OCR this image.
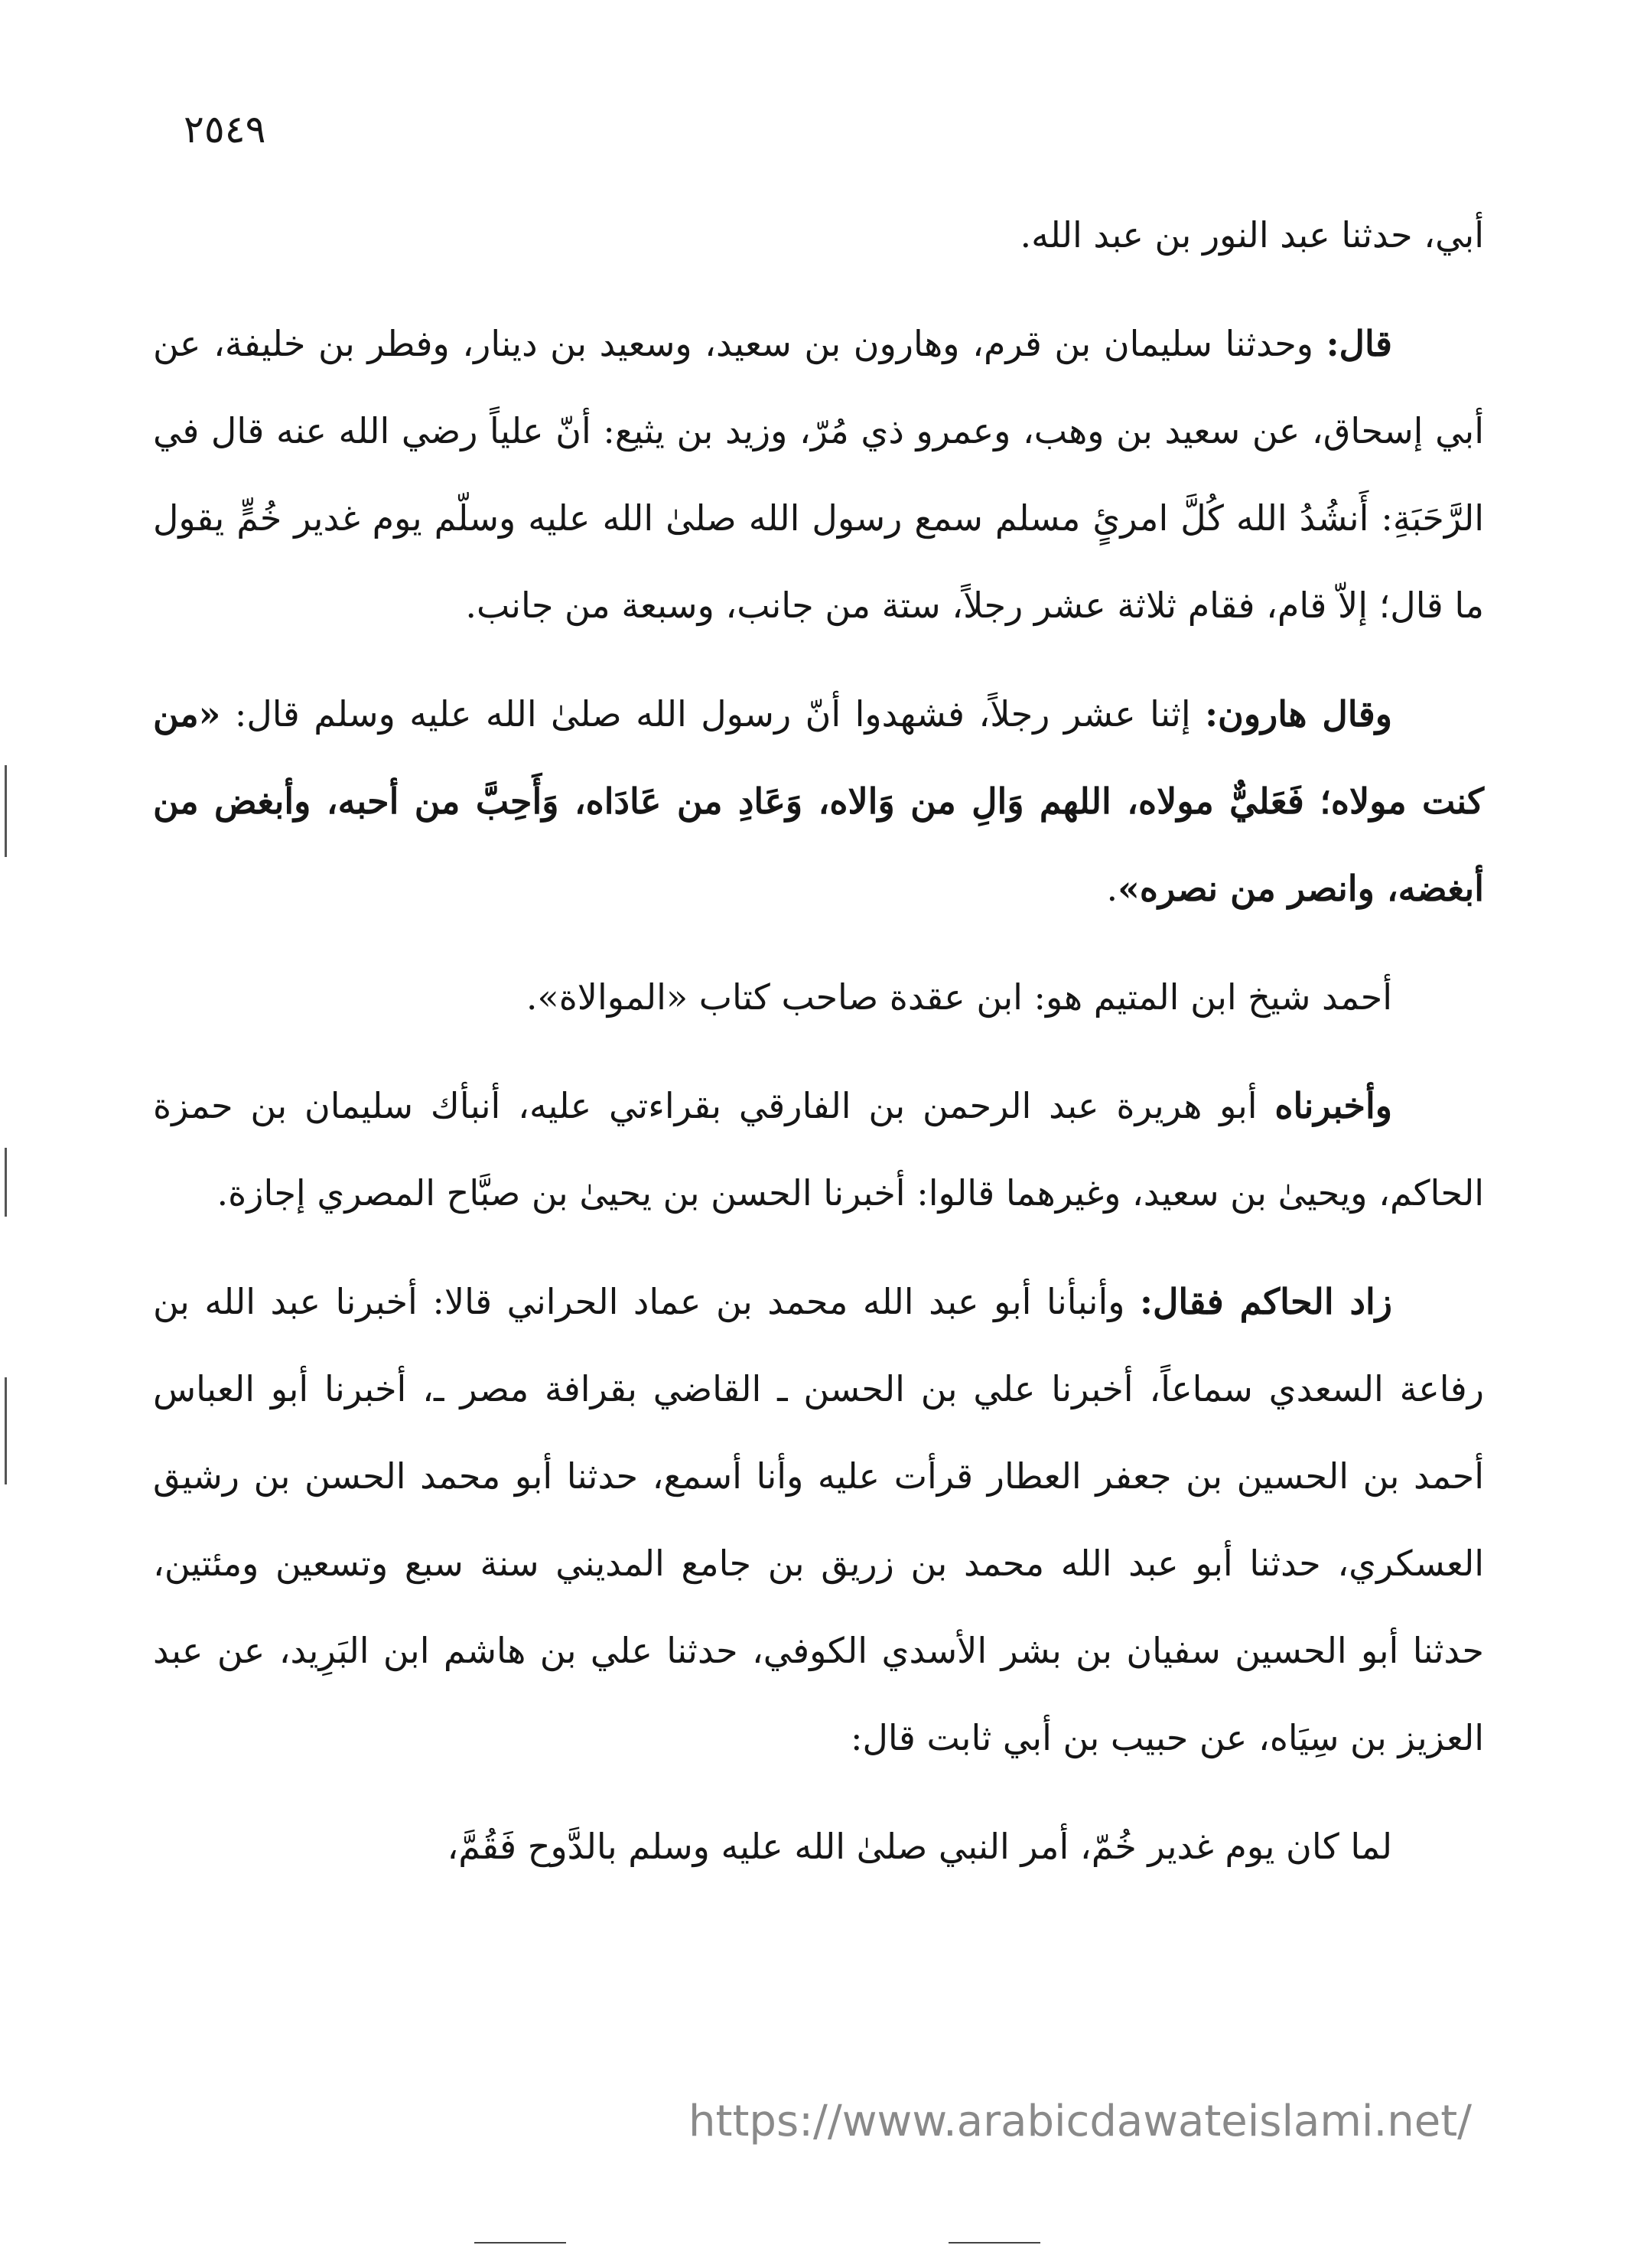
٢٥٤٩

أبي، حدثنا عبد النور بن عبد الله.

قال: وحدثنا سليمان بن قرم، وهارون بن سعيد، وسعيد بن دينار، وفطر بن خليفة، عن أبي إسحاق، عن سعيد بن وهب، وعمرو ذي مُرّ، وزيد بن يثيع: أنّ علياً رضي الله عنه قال في الرَّحَبَةِ: أَنشُدُ الله كُلَّ امرئٍ مسلم سمع رسول الله صلىٰ الله عليه وسلّم يوم غدير خُمٍّ يقول ما قال؛ إلاّ قام، فقام ثلاثة عشر رجلاً، ستة من جانب، وسبعة من جانب.

وقال هارون: إثنا عشر رجلاً، فشهدوا أنّ رسول الله صلىٰ الله عليه وسلم قال: «من كنت مولاه؛ فَعَليٌّ مولاه، اللهم وَالِ من وَالاه، وَعَادِ من عَادَاه، وَأَحِبَّ من أحبه، وأبغض من أبغضه، وانصر من نصره».

أحمد شيخ ابن المتيم هو: ابن عقدة صاحب كتاب «الموالاة».

وأخبرناه أبو هريرة عبد الرحمن بن الفارقي بقراءتي عليه، أنبأك سليمان بن حمزة الحاكم، ويحيىٰ بن سعيد، وغيرهما قالوا: أخبرنا الحسن بن يحيىٰ بن صبَّاح المصري إجازة.

زاد الحاكم فقال: وأنبأنا أبو عبد الله محمد بن عماد الحراني قالا: أخبرنا عبد الله بن رفاعة السعدي سماعاً، أخبرنا علي بن الحسن ـ القاضي بقرافة مصر ـ، أخبرنا أبو العباس أحمد بن الحسين بن جعفر العطار قرأت عليه وأنا أسمع، حدثنا أبو محمد الحسن بن رشيق العسكري، حدثنا أبو عبد الله محمد بن زريق بن جامع المديني سنة سبع وتسعين ومئتين، حدثنا أبو الحسين سفيان بن بشر الأسدي الكوفي، حدثنا علي بن هاشم ابن البَرِيد، عن عبد العزيز بن سِيَاه، عن حبيب بن أبي ثابت قال:

لما كان يوم غدير خُمّ، أمر النبي صلىٰ الله عليه وسلم بالدَّوح فَقُمَّ،

https://www.arabicdawateislami.net/
